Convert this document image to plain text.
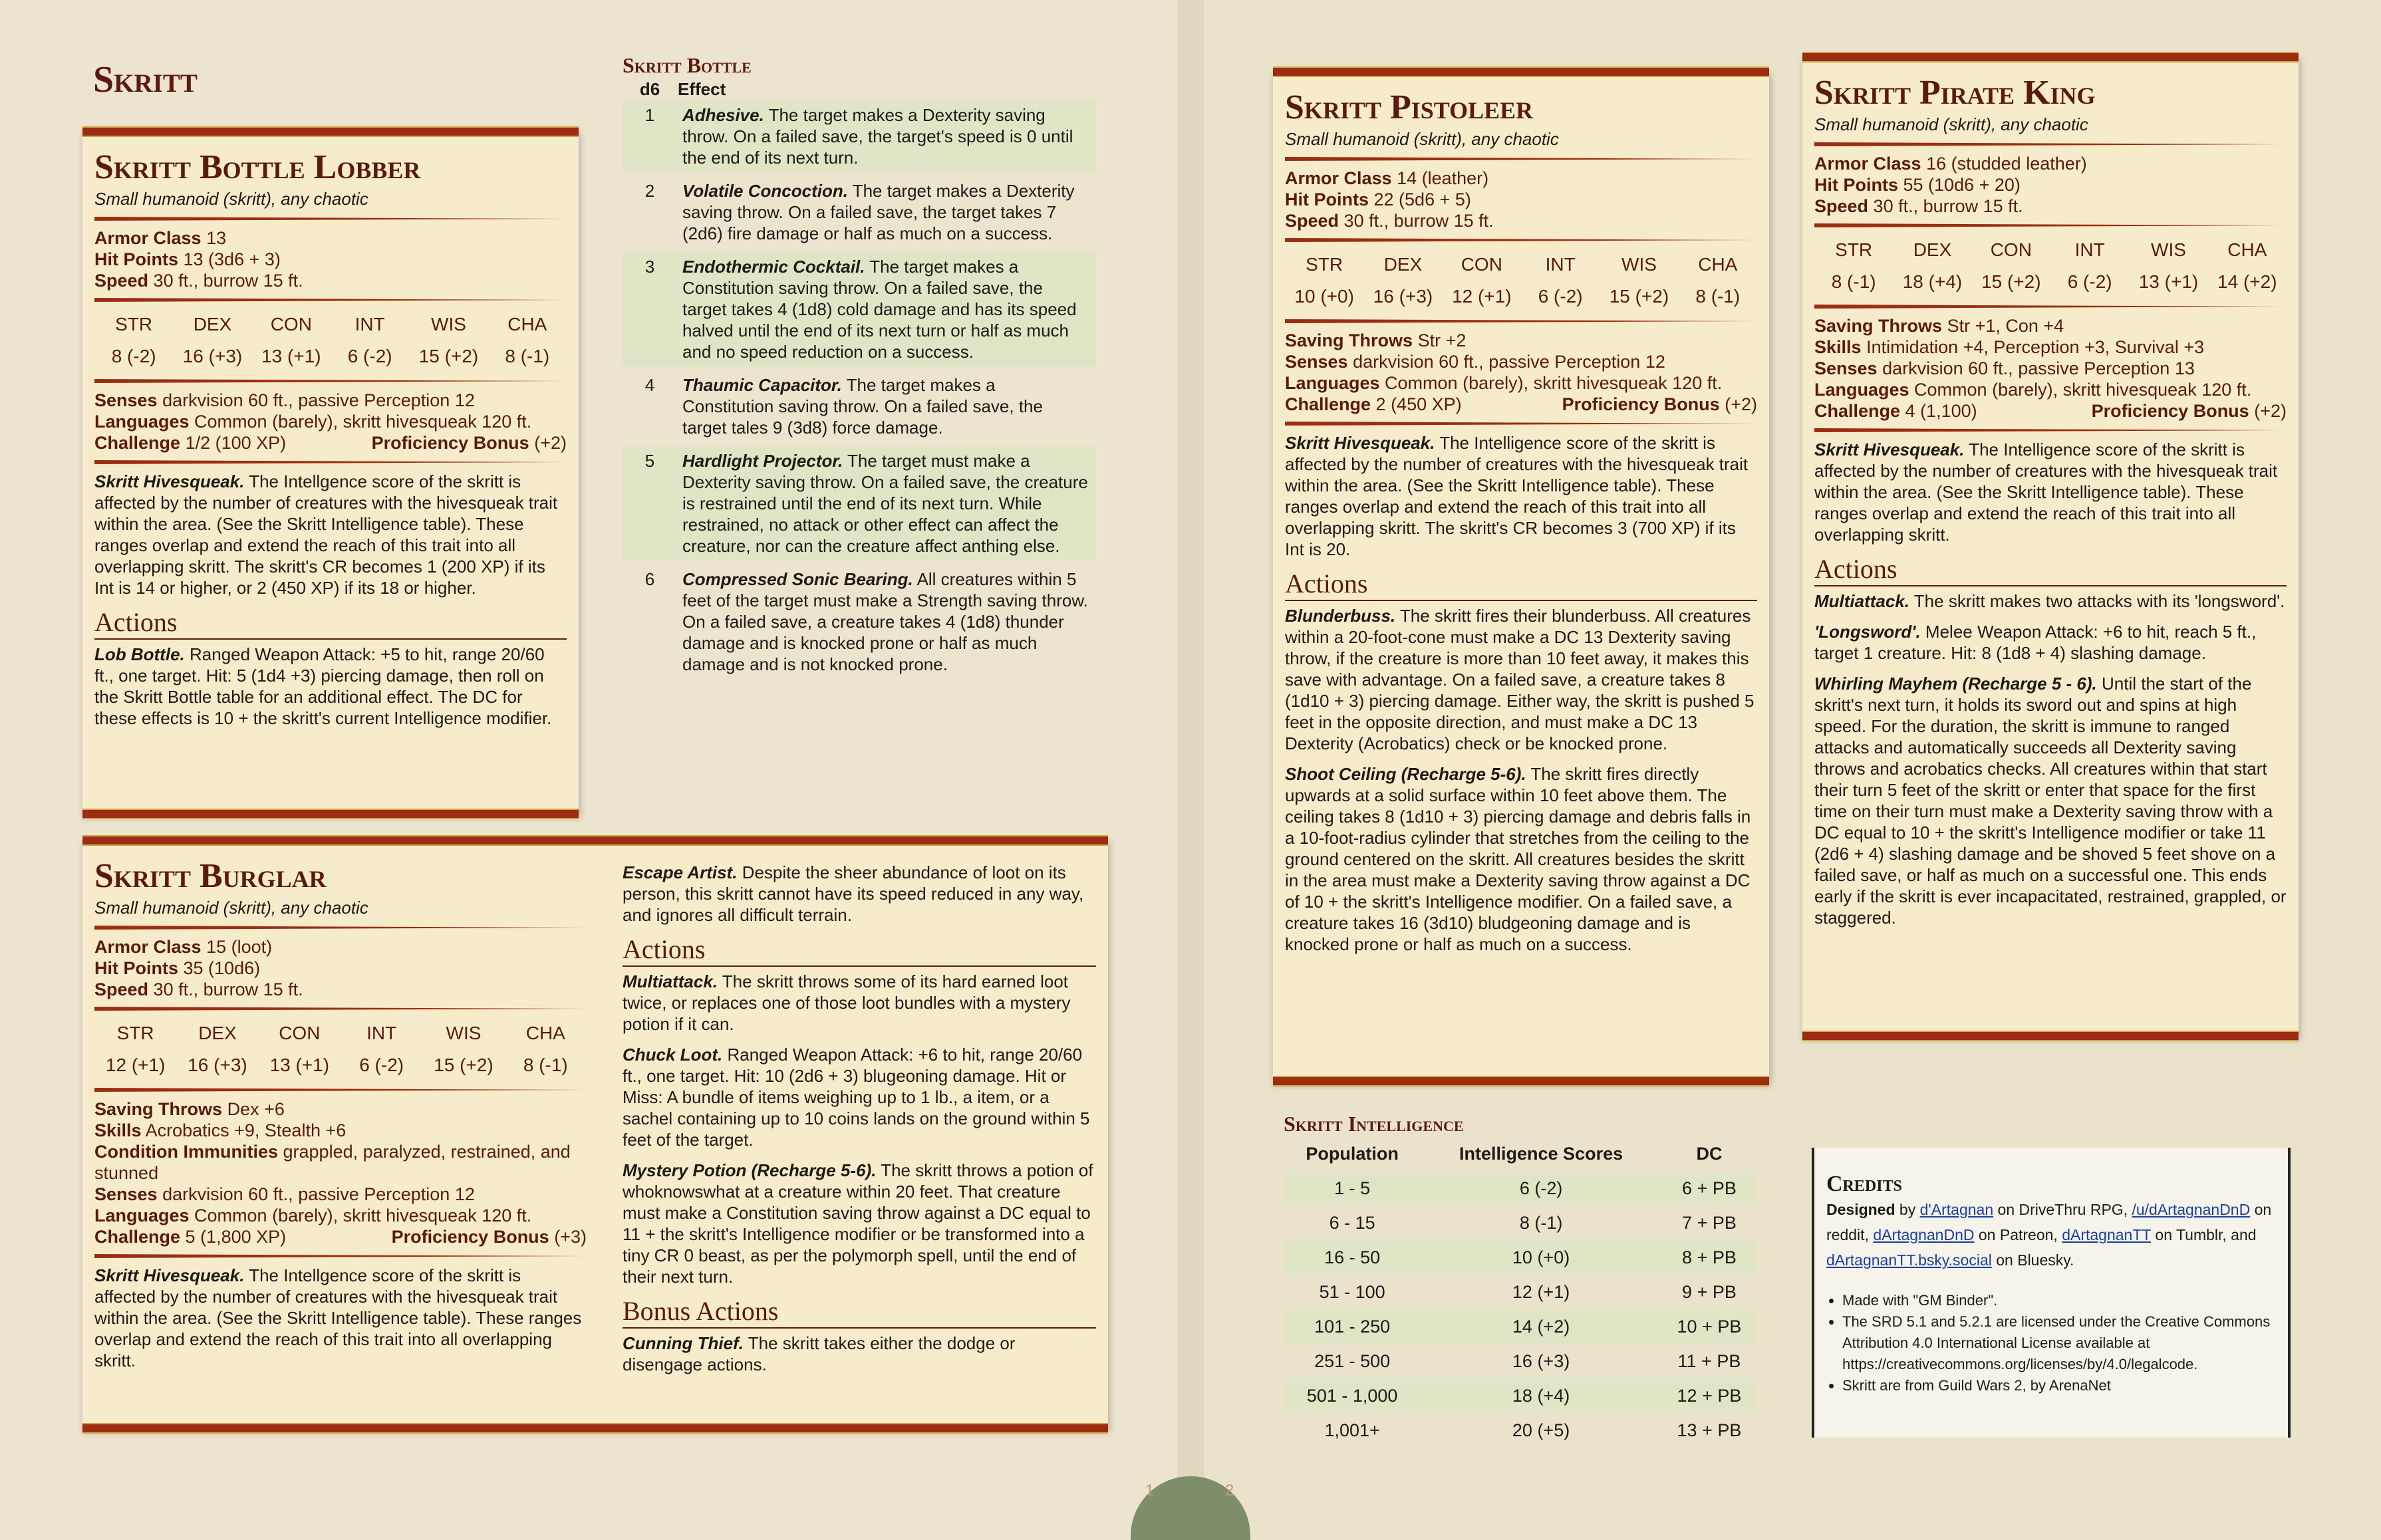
1	2
Skritt
Skritt Bottle Lobber
Small humanoid (skritt), any chaotic
Armor Class 13
Hit Points 13 (3d6 + 3)
Speed 30 ft., burrow 15 ft.
STR	DEX	CON	INT	WIS	CHA
8 (-2)	16 (+3)	13 (+1)	6 (-2)	15 (+2)	8 (-1)
Senses darkvision 60 ft., passive Perception 12
Languages Common (barely), skritt hivesqueak 120 ft.
Challenge 1/2 (100 XP)	Proficiency Bonus (+2)
Skritt Hivesqueak. The Intellgence score of the skritt is affected by the number of creatures with the hivesqueak trait within the area. (See the Skritt Intelligence table). These ranges overlap and extend the reach of this trait into all overlapping skritt. The skritt's CR becomes 1 (200 XP) if its Int is 14 or higher, or 2 (450 XP) if its 18 or higher.
Actions
Lob Bottle. Ranged Weapon Attack: +5 to hit, range 20/60 ft., one target. Hit: 5 (1d4 +3) piercing damage, then roll on the Skritt Bottle table for an additional effect. The DC for these effects is 10 + the skritt's current Intelligence modifier.
Skritt Bottle
d6	Effect
1	Adhesive. The target makes a Dexterity saving throw. On a failed save, the target's speed is 0 until the end of its next turn.
2	Volatile Concoction. The target makes a Dexterity saving throw. On a failed save, the target takes 7 (2d6) fire damage or half as much on a success.
3	Endothermic Cocktail. The target makes a Constitution saving throw. On a failed save, the target takes 4 (1d8) cold damage and has its speed halved until the end of its next turn or half as much and no speed reduction on a success.
4	Thaumic Capacitor. The target makes a Constitution saving throw. On a failed save, the target tales 9 (3d8) force damage.
5	Hardlight Projector. The target must make a Dexterity saving throw. On a failed save, the creature is restrained until the end of its next turn. While restrained, no attack or other effect can affect the creature, nor can the creature affect anthing else.
6	Compressed Sonic Bearing. All creatures within 5 feet of the target must make a Strength saving throw. On a failed save, a creature takes 4 (1d8) thunder damage and is knocked prone or half as much damage and is not knocked prone.
Skritt Burglar
Small humanoid (skritt), any chaotic
Armor Class 15 (loot)
Hit Points 35 (10d6)
Speed 30 ft., burrow 15 ft.
STR	DEX	CON	INT	WIS	CHA
12 (+1)	16 (+3)	13 (+1)	6 (-2)	15 (+2)	8 (-1)
Saving Throws Dex +6
Skills Acrobatics +9, Stealth +6
Condition Immunities grappled, paralyzed, restrained, and stunned
Senses darkvision 60 ft., passive Perception 12
Languages Common (barely), skritt hivesqueak 120 ft.
Challenge 5 (1,800 XP)	Proficiency Bonus (+3)
Skritt Hivesqueak. The Intellgence score of the skritt is affected by the number of creatures with the hivesqueak trait within the area. (See the Skritt Intelligence table). These ranges overlap and extend the reach of this trait into all overlapping skritt.
Escape Artist. Despite the sheer abundance of loot on its person, this skritt cannot have its speed reduced in any way, and ignores all difficult terrain.
Actions
Multiattack. The skritt throws some of its hard earned loot twice, or replaces one of those loot bundles with a mystery potion if it can.
Chuck Loot. Ranged Weapon Attack: +6 to hit, range 20/60 ft., one target. Hit: 10 (2d6 + 3) blugeoning damage. Hit or Miss: A bundle of items weighing up to 1 lb., a item, or a sachel containing up to 10 coins lands on the ground within 5 feet of the target.
Mystery Potion (Recharge 5-6). The skritt throws a potion of whoknowswhat at a creature within 20 feet. That creature must make a Constitution saving throw against a DC equal to 11 + the skritt's Intelligence modifier or be transformed into a tiny CR 0 beast, as per the polymorph spell, until the end of their next turn.
Bonus Actions
Cunning Thief. The skritt takes either the dodge or disengage actions.
Skritt Pistoleer
Small humanoid (skritt), any chaotic
Armor Class 14 (leather)
Hit Points 22 (5d6 + 5)
Speed 30 ft., burrow 15 ft.
STR	DEX	CON	INT	WIS	CHA
10 (+0)	16 (+3)	12 (+1)	6 (-2)	15 (+2)	8 (-1)
Saving Throws Str +2
Senses darkvision 60 ft., passive Perception 12
Languages Common (barely), skritt hivesqueak 120 ft.
Challenge 2 (450 XP)	Proficiency Bonus (+2)
Skritt Hivesqueak. The Intelligence score of the skritt is affected by the number of creatures with the hivesqueak trait within the area. (See the Skritt Intelligence table). These ranges overlap and extend the reach of this trait into all overlapping skritt. The skritt's CR becomes 3 (700 XP) if its Int is 20.
Actions
Blunderbuss. The skritt fires their blunderbuss. All creatures within a 20-foot-cone must make a DC 13 Dexterity saving throw, if the creature is more than 10 feet away, it makes this save with advantage. On a failed save, a creature takes 8 (1d10 + 3) piercing damage. Either way, the skritt is pushed 5 feet in the opposite direction, and must make a DC 13 Dexterity (Acrobatics) check or be knocked prone.
Shoot Ceiling (Recharge 5-6). The skritt fires directly upwards at a solid surface within 10 feet above them. The ceiling takes 8 (1d10 + 3) piercing damage and debris falls in a 10-foot-radius cylinder that stretches from the ceiling to the ground centered on the skritt. All creatures besides the skritt in the area must make a Dexterity saving throw against a DC of 10 + the skritt's Intelligence modifier. On a failed save, a creature takes 16 (3d10) bludgeoning damage and is knocked prone or half as much on a success.
Skritt Pirate King
Small humanoid (skritt), any chaotic
Armor Class 16 (studded leather)
Hit Points 55 (10d6 + 20)
Speed 30 ft., burrow 15 ft.
STR	DEX	CON	INT	WIS	CHA
8 (-1)	18 (+4)	15 (+2)	6 (-2)	13 (+1)	14 (+2)
Saving Throws Str +1, Con +4
Skills Intimidation +4, Perception +3, Survival +3
Senses darkvision 60 ft., passive Perception 13
Languages Common (barely), skritt hivesqueak 120 ft.
Challenge 4 (1,100)	Proficiency Bonus (+2)
Skritt Hivesqueak. The Intelligence score of the skritt is affected by the number of creatures with the hivesqueak trait within the area. (See the Skritt Intelligence table). These ranges overlap and extend the reach of this trait into all overlapping skritt.
Actions
Multiattack. The skritt makes two attacks with its 'longsword'.
'Longsword'. Melee Weapon Attack: +6 to hit, reach 5 ft., target 1 creature. Hit: 8 (1d8 + 4) slashing damage.
Whirling Mayhem (Recharge 5 - 6). Until the start of the skritt's next turn, it holds its sword out and spins at high speed. For the duration, the skritt is immune to ranged attacks and automatically succeeds all Dexterity saving throws and acrobatics checks. All creatures within that start their turn 5 feet of the skritt or enter that space for the first time on their turn must make a Dexterity saving throw with a DC equal to 10 + the skritt's Intelligence modifier or take 11 (2d6 + 4) slashing damage and be shoved 5 feet shove on a failed save, or half as much on a successful one. This ends early if the skritt is ever incapacitated, restrained, grappled, or staggered.
Skritt Intelligence
Population	Intelligence Scores	DC
1 - 5	6 (-2)	6 + PB
6 - 15	8 (-1)	7 + PB
16 - 50	10 (+0)	8 + PB
51 - 100	12 (+1)	9 + PB
101 - 250	14 (+2)	10 + PB
251 - 500	16 (+3)	11 + PB
501 - 1,000	18 (+4)	12 + PB
1,001+	20 (+5)	13 + PB
Credits
Designed by d'Artagnan on DriveThru RPG, /u/dArtagnanDnD on reddit, dArtagnanDnD on Patreon, dArtagnanTT on Tumblr, and dArtagnanTT.bsky.social on Bluesky.
• Made with "GM Binder".
• The SRD 5.1 and 5.2.1 are licensed under the Creative Commons Attribution 4.0 International License available at https://creativecommons.org/licenses/by/4.0/legalcode.
• Skritt are from Guild Wars 2, by ArenaNet
